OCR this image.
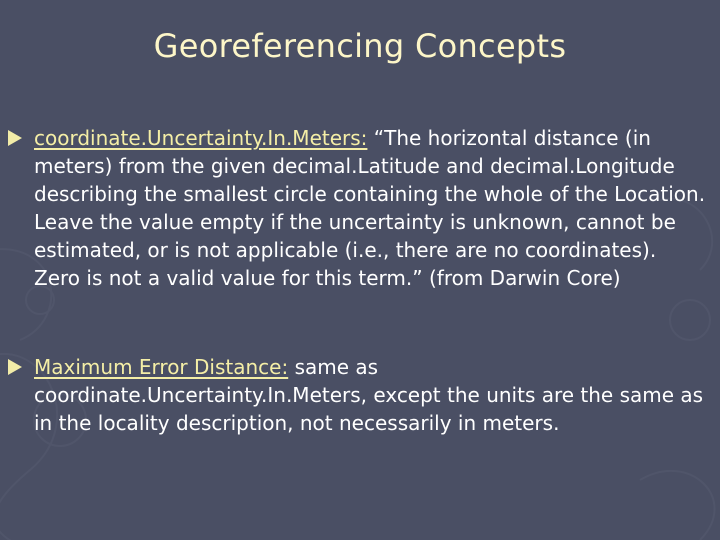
Georeferencing Concepts
coordinate.Uncertainty.In.Meters: “The horizontal distance (in meters) from the given decimal.Latitude and decimal.Longitude describing the smallest circle containing the whole of the Location. Leave the value empty if the uncertainty is unknown, cannot be estimated, or is not applicable (i.e., there are no coordinates). Zero is not a valid value for this term.” (from Darwin Core)
Maximum Error Distance: same as coordinate.Uncertainty.In.Meters, except the units are the same as in the locality description, not necessarily in meters.
